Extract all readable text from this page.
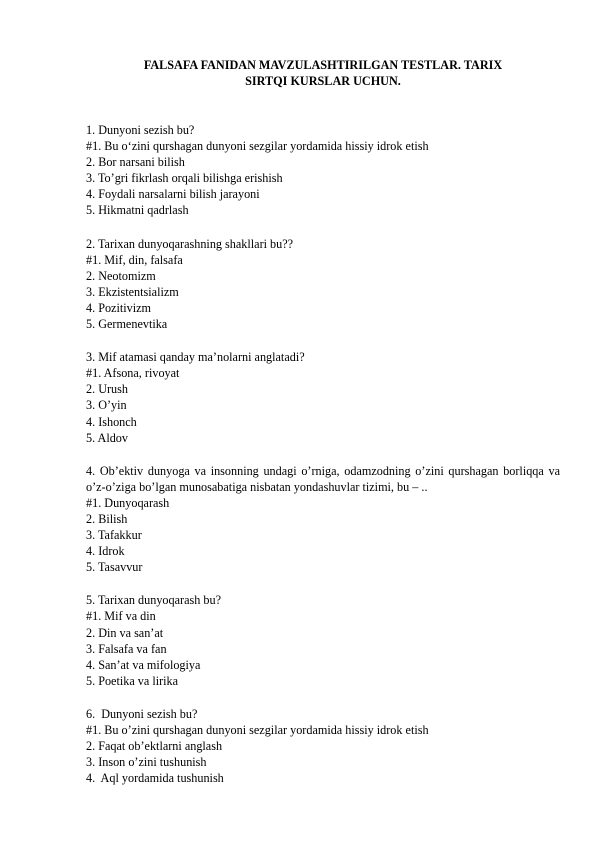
FALSAFA FANIDAN MAVZULASHTIRILGAN TESTLAR. TARIX
SIRTQI KURSLAR UCHUN.
1. Dunyoni sezish bu?
#1. Bu o‘zini qurshagan dunyoni sezgilar yordamida hissiy idrok etish
2. Bor narsani bilish
3. To’gri fikrlash orqali bilishga erishish
4. Foydali narsalarni bilish jarayoni
5. Hikmatni qadrlash
2. Tarixan dunyoqarashning shakllari bu??
#1. Mif, din, falsafa
2. Neotomizm
3. Ekzistentsializm
4. Pozitivizm
5. Germenevtika
3. Mif atamasi qanday ma’nolarni anglatadi?
#1. Afsona, rivoyat
2. Urush
3. O’yin
4. Ishonch
5. Aldov
4. Ob’ektiv dunyoga va insonning undagi o’rniga, odamzodning o’zini qurshagan borliqqa va o’z-o’ziga bo’lgan munosabatiga nisbatan yondashuvlar tizimi, bu – ..
#1. Dunyoqarash
2. Bilish
3. Tafakkur
4. Idrok
5. Tasavvur
5. Tarixan dunyoqarash bu?
#1. Mif va din
2. Din va san’at
3. Falsafa va fan
4. San’at va mifologiya
5. Poetika va lirika
6.  Dunyoni sezish bu?
#1. Bu o’zini qurshagan dunyoni sezgilar yordamida hissiy idrok etish
2. Faqat ob’ektlarni anglash
3. Inson o’zini tushunish
4.  Aql yordamida tushunish
